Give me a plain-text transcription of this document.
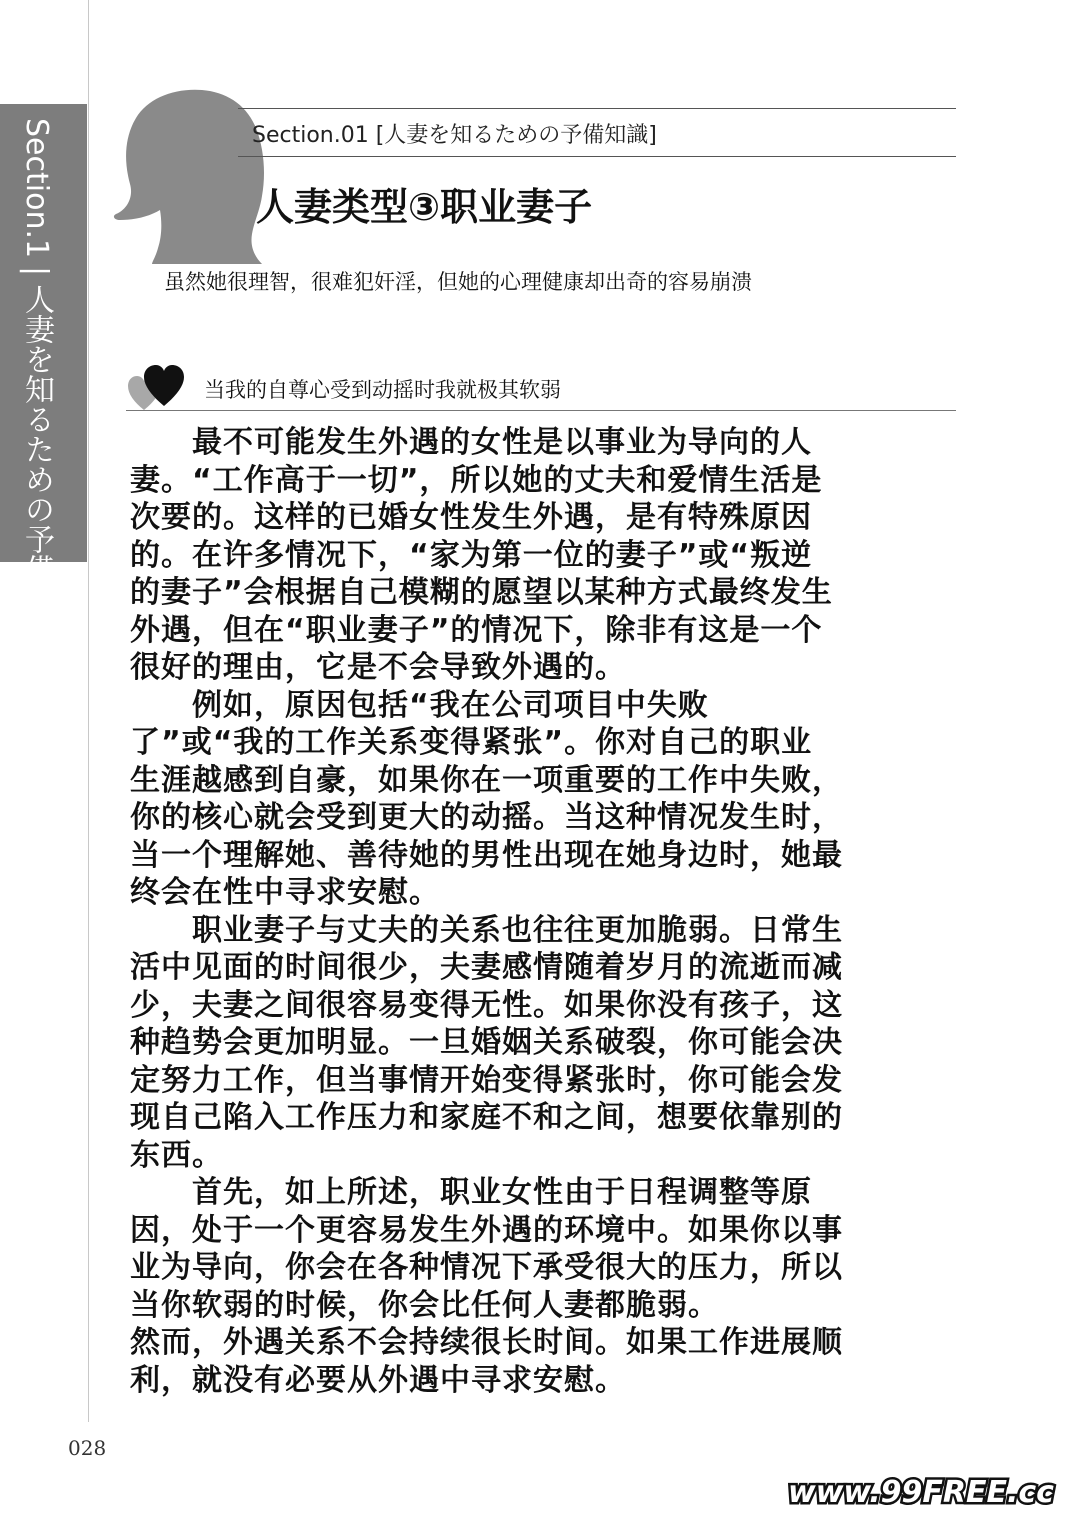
Section.1|人妻を知るための予備知識
Section.01 [人妻を知るための予備知識]
人妻类型③职业妻子
虽然她很理智，很难犯奸淫，但她的心理健康却出奇的容易崩溃
当我的自尊心受到动摇时我就极其软弱

　　最不可能发生外遇的女性是以事业为导向的人

妻。“工作高于一切”，所以她的丈夫和爱情生活是

次要的。这样的已婚女性发生外遇，是有特殊原因

的。在许多情况下，“家为第一位的妻子”或“叛逆

的妻子”会根据自己模糊的愿望以某种方式最终发生

外遇，但在“职业妻子”的情况下，除非有这是一个

很好的理由，它是不会导致外遇的。

　　例如，原因包括“我在公司项目中失败

了”或“我的工作关系变得紧张”。你对自己的职业

生涯越感到自豪，如果你在一项重要的工作中失败，

你的核心就会受到更大的动摇。当这种情况发生时，

当一个理解她、善待她的男性出现在她身边时，她最

终会在性中寻求安慰。

　　职业妻子与丈夫的关系也往往更加脆弱。日常生

活中见面的时间很少，夫妻感情随着岁月的流逝而减

少，夫妻之间很容易变得无性。如果你没有孩子，这

种趋势会更加明显。一旦婚姻关系破裂，你可能会决

定努力工作，但当事情开始变得紧张时，你可能会发

现自己陷入工作压力和家庭不和之间，想要依靠别的

东西。

　　首先，如上所述，职业女性由于日程调整等原

因，处于一个更容易发生外遇的环境中。如果你以事

业为导向，你会在各种情况下承受很大的压力，所以

当你软弱的时候，你会比任何人妻都脆弱。

然而，外遇关系不会持续很长时间。如果工作进展顺

利，就没有必要从外遇中寻求安慰。

028
www.99FREE.cc
